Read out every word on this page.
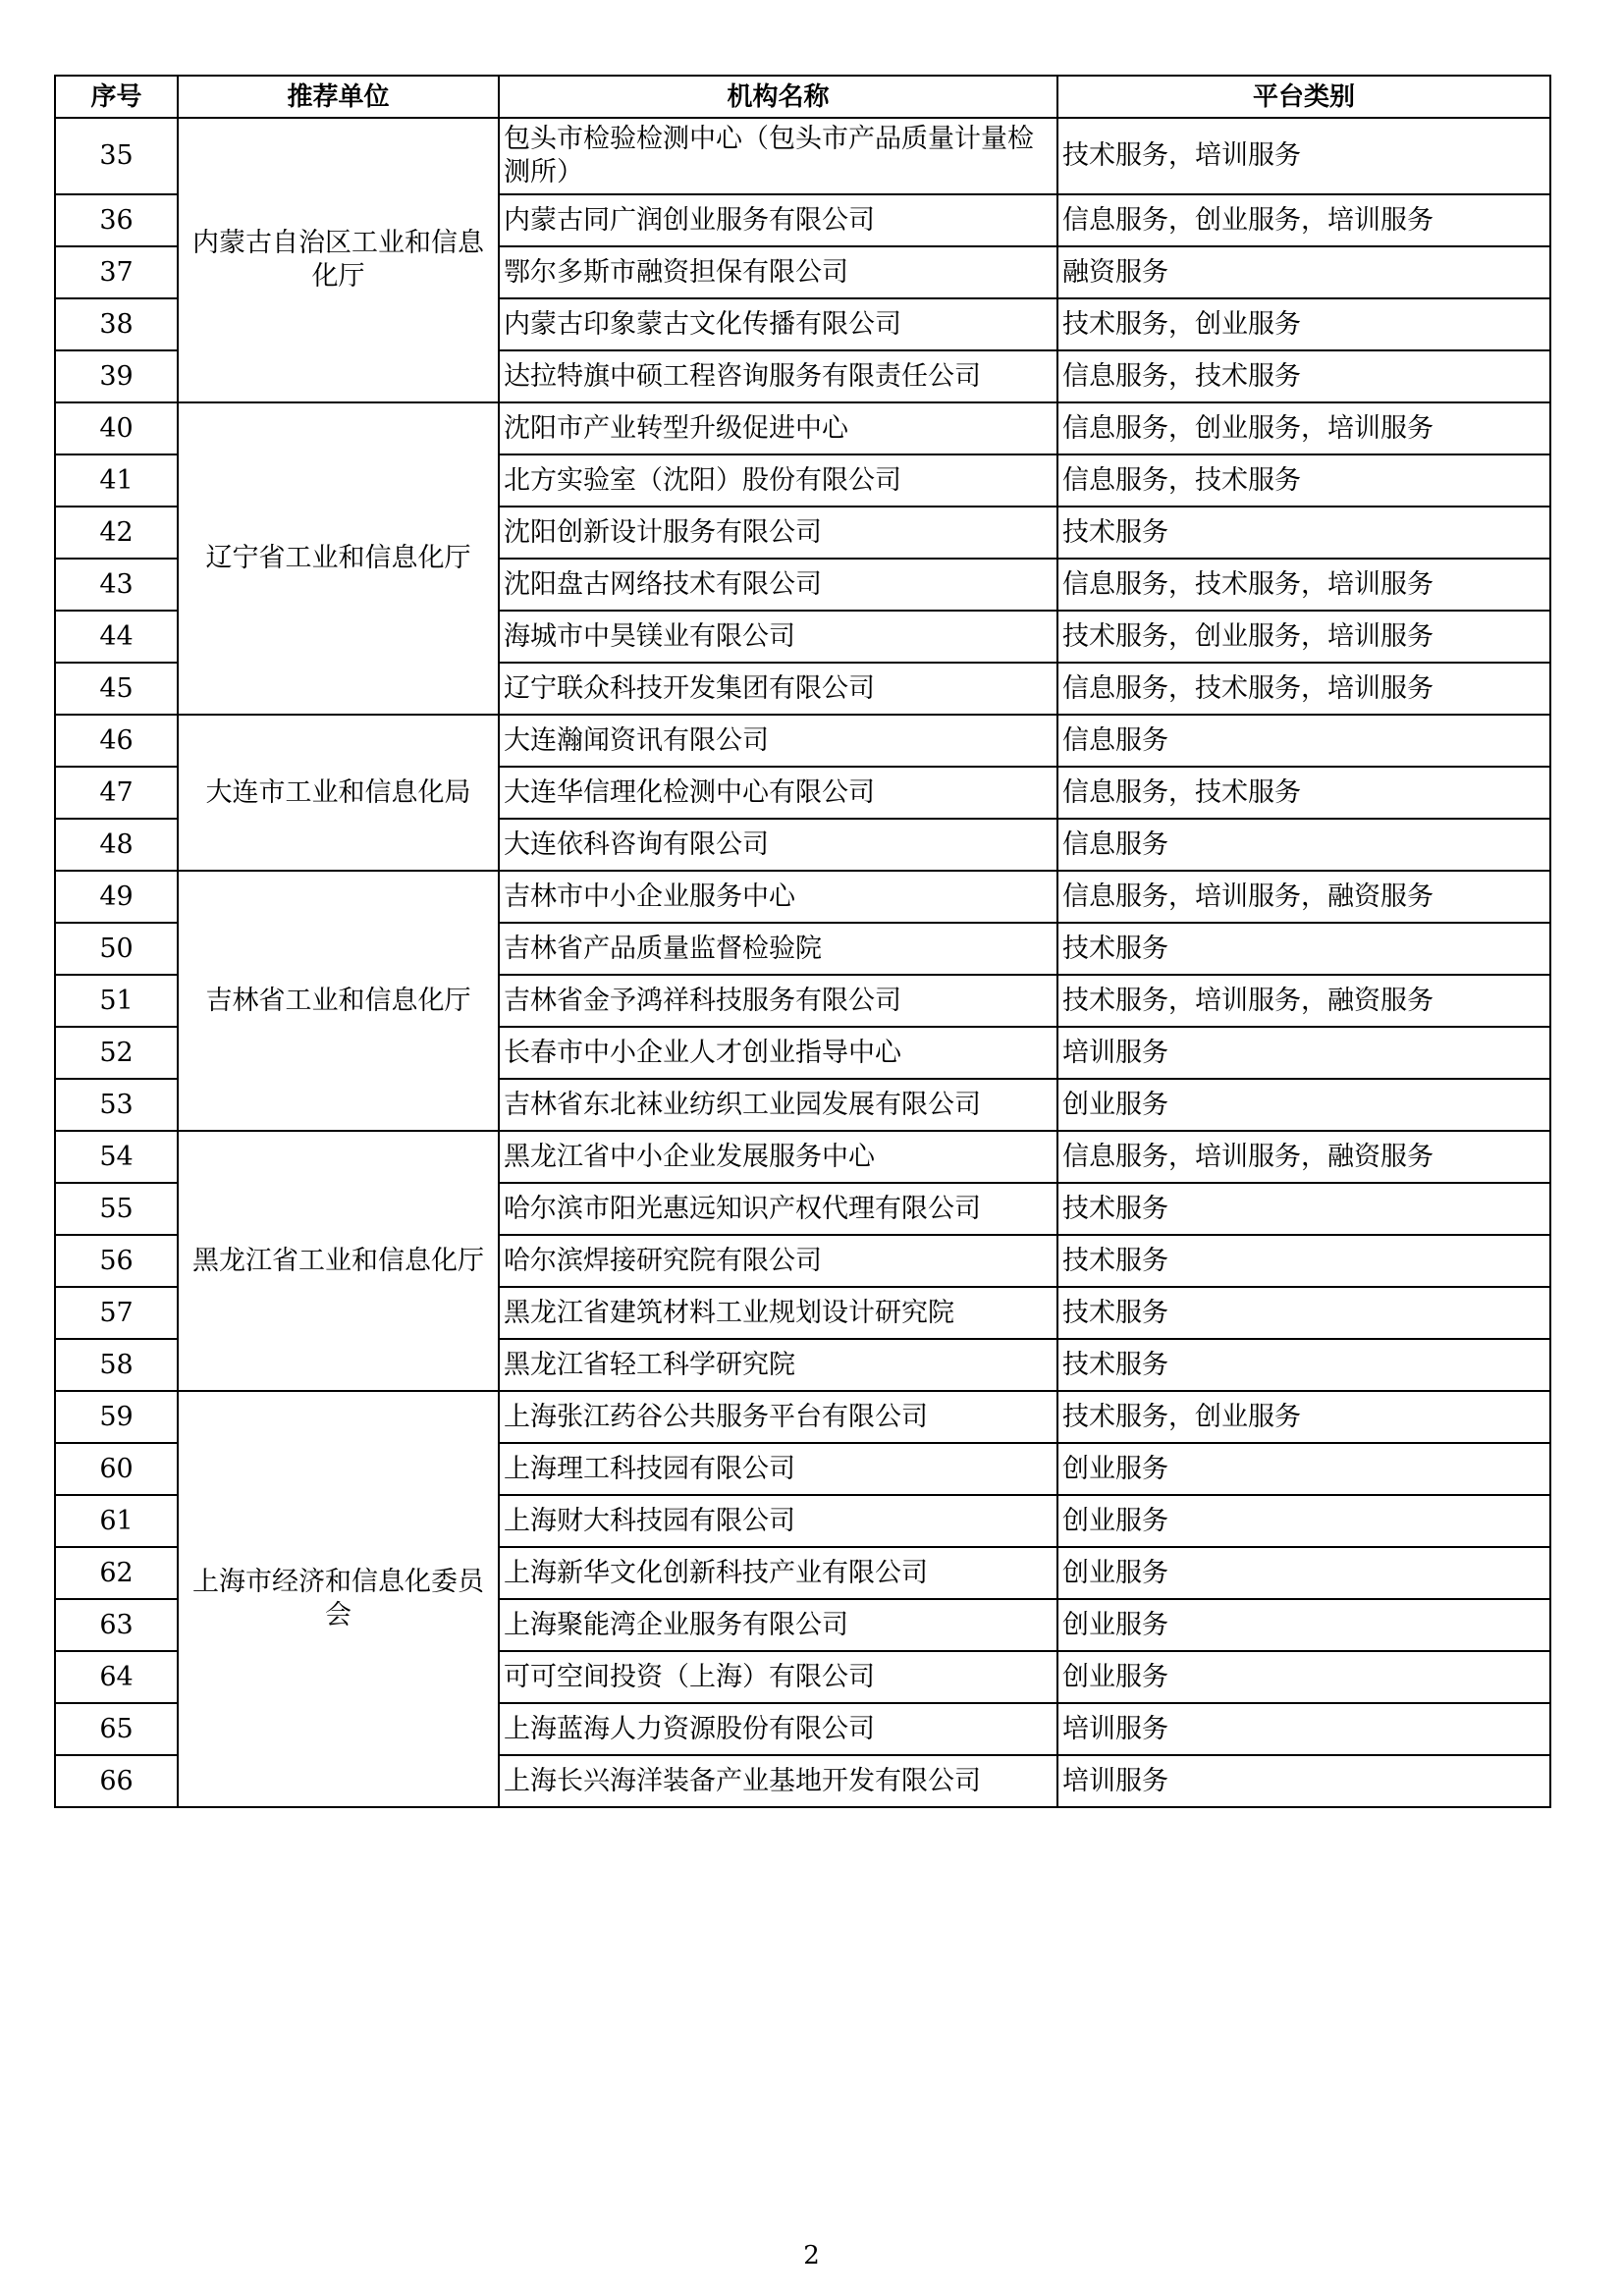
序号	推荐单位	机构名称	平台类别
35	内蒙古自治区工业和信息化厅	包头市检验检测中心（包头市产品质量计量检测所）	技术服务，培训服务
36		内蒙古同广润创业服务有限公司	信息服务，创业服务，培训服务
37		鄂尔多斯市融资担保有限公司	融资服务
38		内蒙古印象蒙古文化传播有限公司	技术服务，创业服务
39		达拉特旗中硕工程咨询服务有限责任公司	信息服务，技术服务
40	辽宁省工业和信息化厅	沈阳市产业转型升级促进中心	信息服务，创业服务，培训服务
41		北方实验室（沈阳）股份有限公司	信息服务，技术服务
42		沈阳创新设计服务有限公司	技术服务
43		沈阳盘古网络技术有限公司	信息服务，技术服务，培训服务
44		海城市中昊镁业有限公司	技术服务，创业服务，培训服务
45		辽宁联众科技开发集团有限公司	信息服务，技术服务，培训服务
46	大连市工业和信息化局	大连瀚闻资讯有限公司	信息服务
47		大连华信理化检测中心有限公司	信息服务，技术服务
48		大连依科咨询有限公司	信息服务
49	吉林省工业和信息化厅	吉林市中小企业服务中心	信息服务，培训服务，融资服务
50		吉林省产品质量监督检验院	技术服务
51		吉林省金予鸿祥科技服务有限公司	技术服务，培训服务，融资服务
52		长春市中小企业人才创业指导中心	培训服务
53		吉林省东北袜业纺织工业园发展有限公司	创业服务
54	黑龙江省工业和信息化厅	黑龙江省中小企业发展服务中心	信息服务，培训服务，融资服务
55		哈尔滨市阳光惠远知识产权代理有限公司	技术服务
56		哈尔滨焊接研究院有限公司	技术服务
57		黑龙江省建筑材料工业规划设计研究院	技术服务
58		黑龙江省轻工科学研究院	技术服务
59	上海市经济和信息化委员会	上海张江药谷公共服务平台有限公司	技术服务，创业服务
60		上海理工科技园有限公司	创业服务
61		上海财大科技园有限公司	创业服务
62		上海新华文化创新科技产业有限公司	创业服务
63		上海聚能湾企业服务有限公司	创业服务
64		可可空间投资（上海）有限公司	创业服务
65		上海蓝海人力资源股份有限公司	培训服务
66		上海长兴海洋装备产业基地开发有限公司	培训服务
2
